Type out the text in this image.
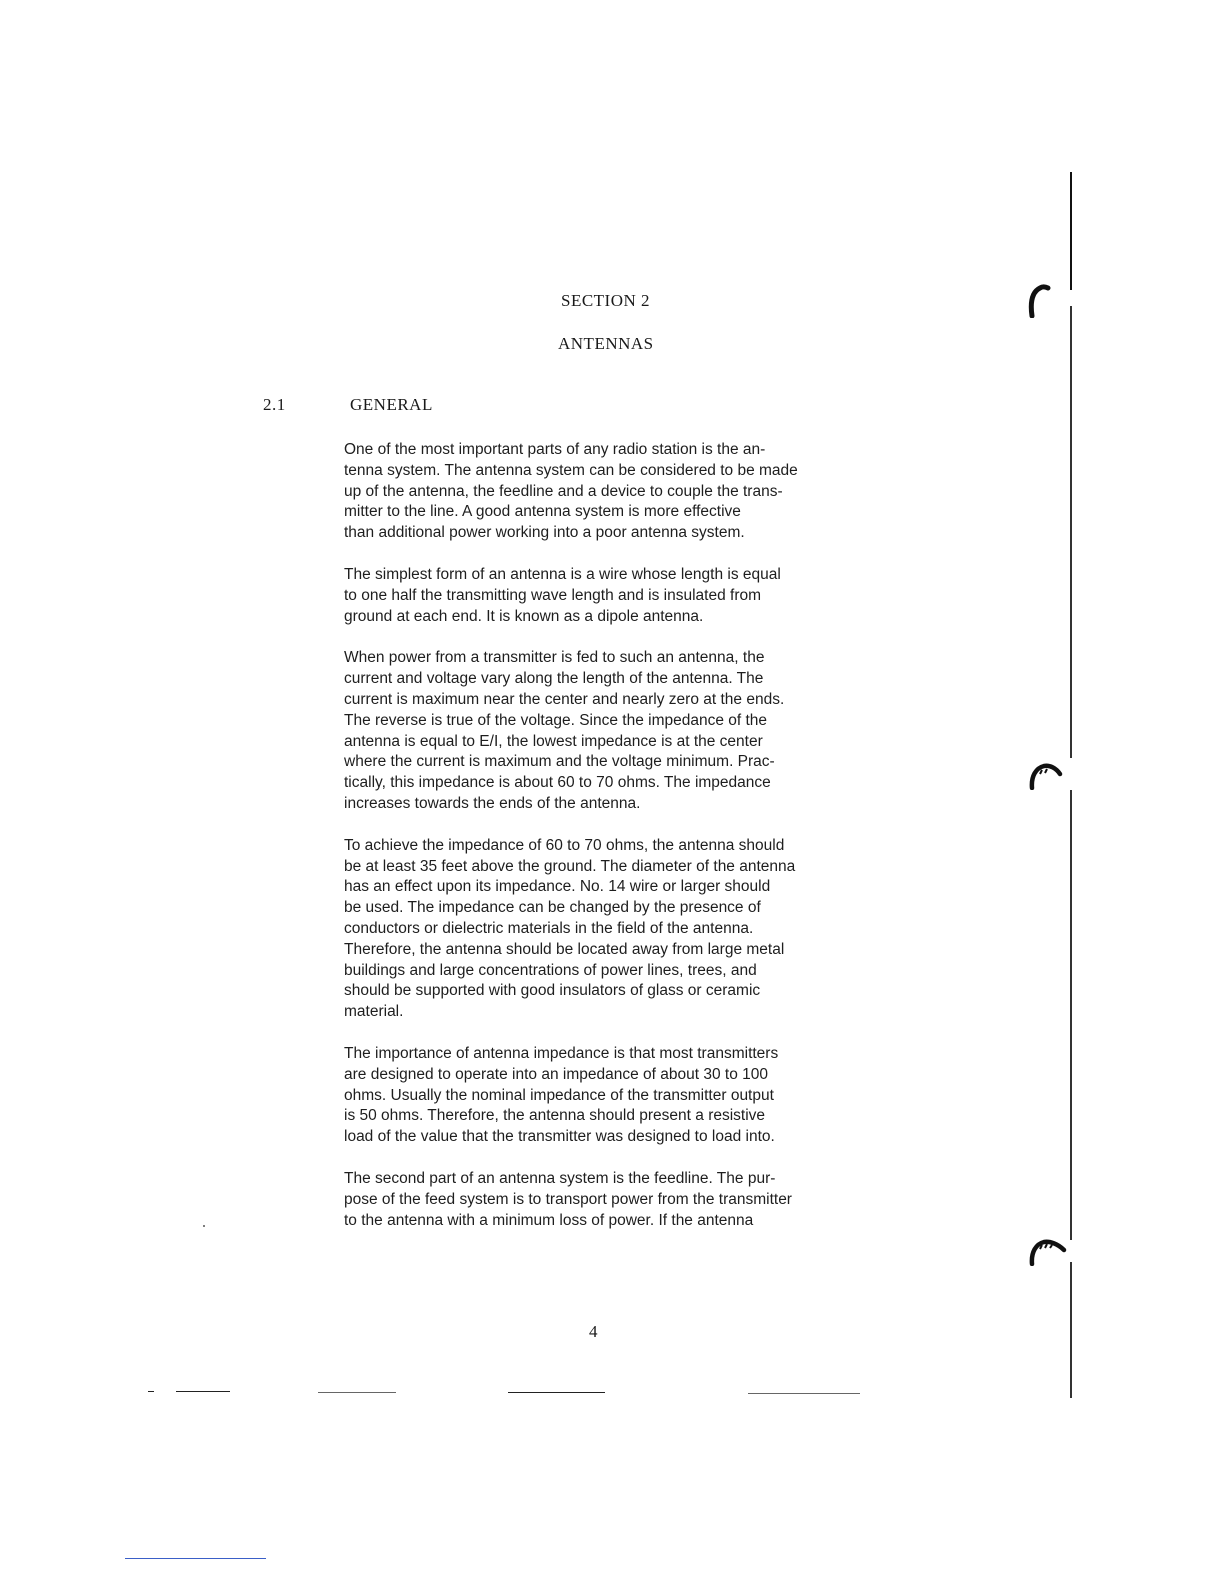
SECTION 2
ANTENNAS
2.1	GENERAL
One of the most important parts of any radio station is the an-
tenna system. The antenna system can be considered to be made
up of the antenna, the feedline and a device to couple the trans-
mitter to the line. A good antenna system is more effective
than additional power working into a poor antenna system.
The simplest form of an antenna is a wire whose length is equal
to one half the transmitting wave length and is insulated from
ground at each end. It is known as a dipole antenna.
When power from a transmitter is fed to such an antenna, the
current and voltage vary along the length of the antenna. The
current is maximum near the center and nearly zero at the ends.
The reverse is true of the voltage. Since the impedance of the
antenna is equal to E/I, the lowest impedance is at the center
where the current is maximum and the voltage minimum. Prac-
tically, this impedance is about 60 to 70 ohms. The impedance
increases towards the ends of the antenna.
To achieve the impedance of 60 to 70 ohms, the antenna should
be at least 35 feet above the ground. The diameter of the antenna
has an effect upon its impedance. No. 14 wire or larger should
be used. The impedance can be changed by the presence of
conductors or dielectric materials in the field of the antenna.
Therefore, the antenna should be located away from large metal
buildings and large concentrations of power lines, trees, and
should be supported with good insulators of glass or ceramic
material.
The importance of antenna impedance is that most transmitters
are designed to operate into an impedance of about 30 to 100
ohms. Usually the nominal impedance of the transmitter output
is 50 ohms. Therefore, the antenna should present a resistive
load of the value that the transmitter was designed to load into.
The second part of an antenna system is the feedline. The pur-
pose of the feed system is to transport power from the transmitter
to the antenna with a minimum loss of power. If the antenna
4
